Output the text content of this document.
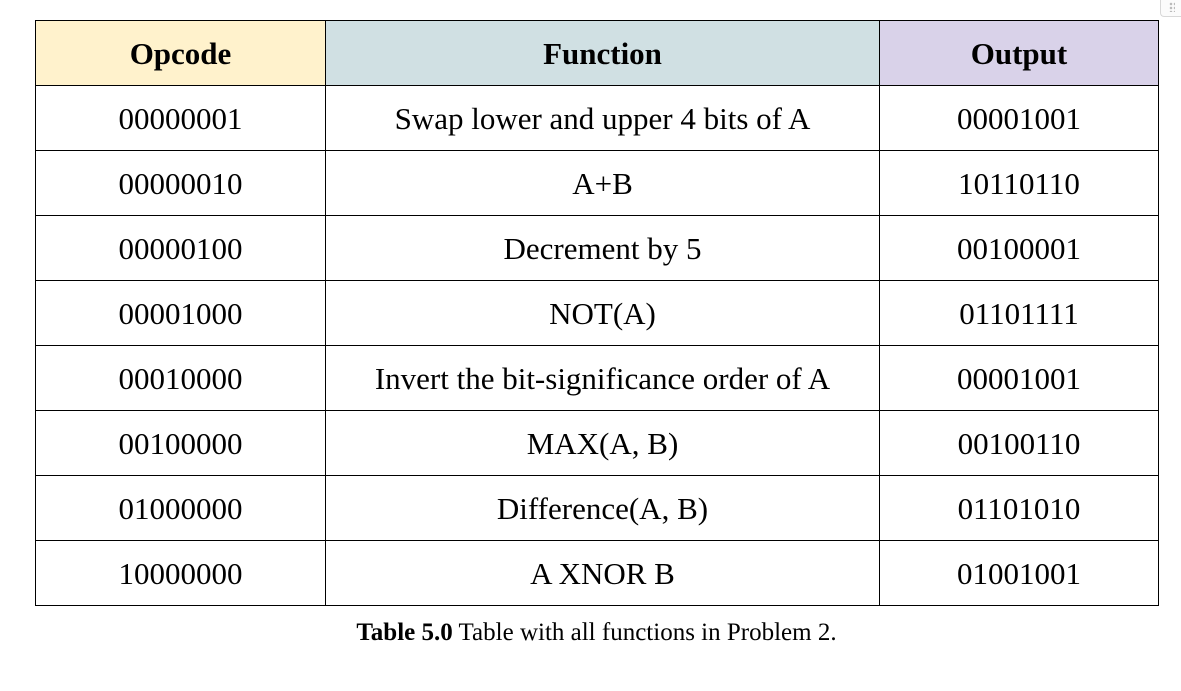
Opcode	Function	Output
00000001	Swap lower and upper 4 bits of A	00001001
00000010	A+B	10110110
00000100	Decrement by 5	00100001
00001000	NOT(A)	01101111
00010000	Invert the bit-significance order of A	00001001
00100000	MAX(A, B)	00100110
01000000	Difference(A, B)	01101010
10000000	A XNOR B	01001001
Table 5.0 Table with all functions in Problem 2.
